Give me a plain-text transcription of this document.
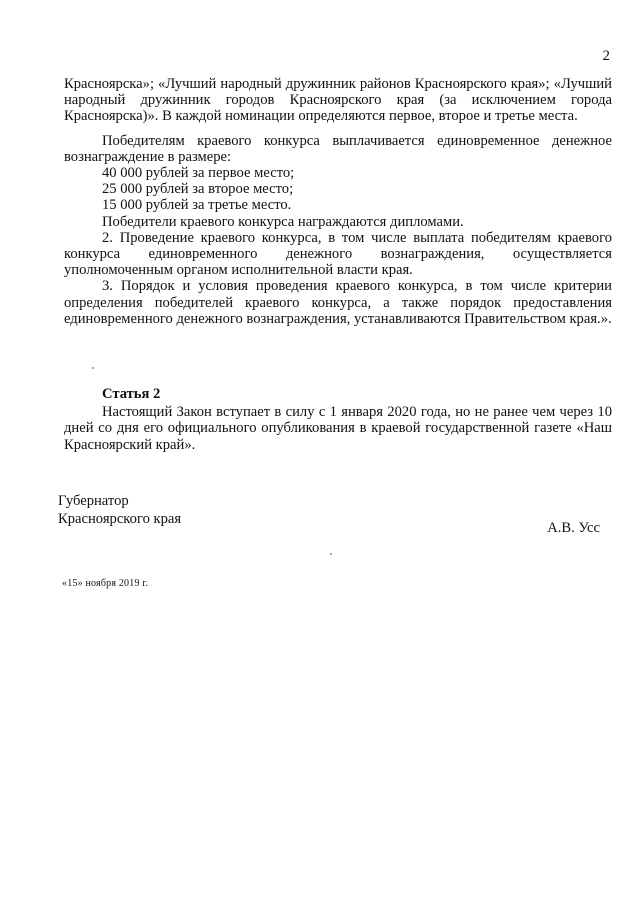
2

Красноярска»; «Лучший народный дружинник районов Красноярского края»; «Лучший народный дружинник городов Красноярского края (за исключением города Красноярска)». В каждой номинации определяются первое, второе и третье места.

Победителям краевого конкурса выплачивается единовременное денежное вознаграждение в размере:

40 000 рублей за первое место;

25 000 рублей за второе место;

15 000 рублей за третье место.

Победители краевого конкурса награждаются дипломами.

2. Проведение краевого конкурса, в том числе выплата победителям краевого конкурса единовременного денежного вознаграждения, осуществляется уполномоченным органом исполнительной власти края.

3. Порядок и условия проведения краевого конкурса, в том числе критерии определения победителей краевого конкурса, а также порядок предоставления единовременного денежного вознаграждения, устанавливаются Правительством края.».

Статья 2

Настоящий Закон вступает в силу с 1 января 2020 года, но не ранее чем через 10 дней со дня его официального опубликования в краевой государственной газете «Наш Красноярский край».

Губернатор
Красноярского края
А.В. Усс
«15» ноября 2019 г.
